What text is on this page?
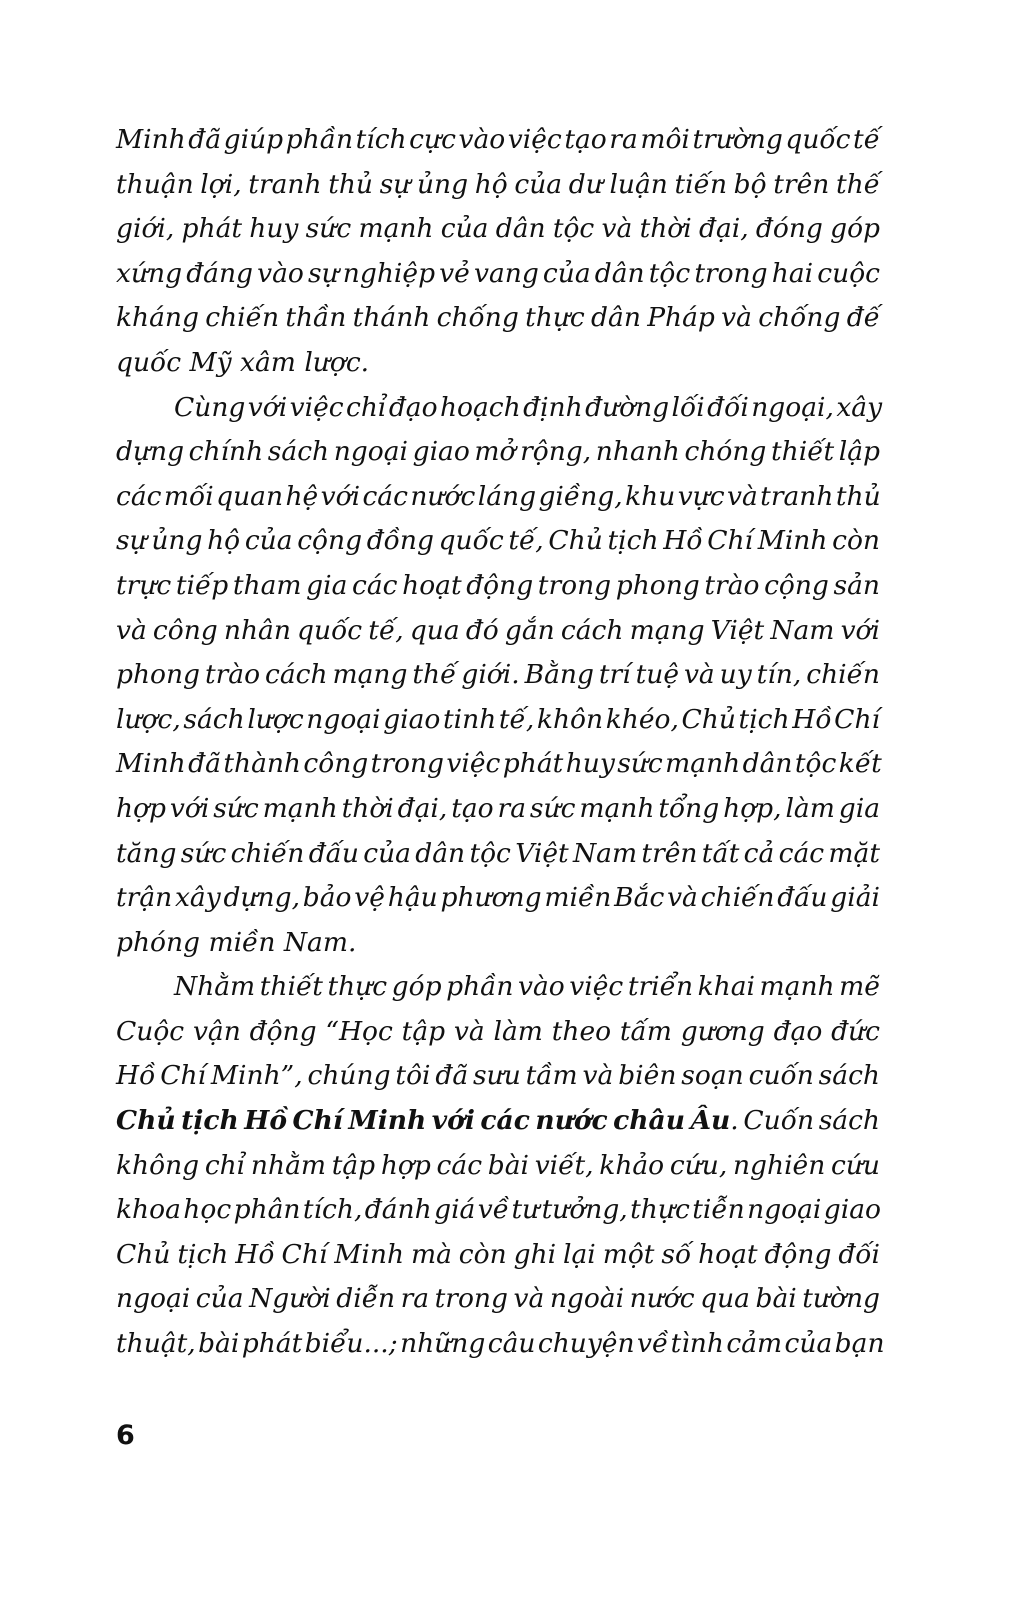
Minh đã giúp phần tích cực vào việc tạo ra môi trường quốc tế
thuận lợi, tranh thủ sự ủng hộ của dư luận tiến bộ trên thế
giới, phát huy sức mạnh của dân tộc và thời đại, đóng góp
xứng đáng vào sự nghiệp vẻ vang của dân tộc trong hai cuộc
kháng chiến thần thánh chống thực dân Pháp và chống đế
quốc Mỹ xâm lược.

Cùng với việc chỉ đạo hoạch định đường lối đối ngoại, xây
dựng chính sách ngoại giao mở rộng, nhanh chóng thiết lập
các mối quan hệ với các nước láng giềng, khu vực và tranh thủ
sự ủng hộ của cộng đồng quốc tế, Chủ tịch Hồ Chí Minh còn
trực tiếp tham gia các hoạt động trong phong trào cộng sản
và công nhân quốc tế, qua đó gắn cách mạng Việt Nam với
phong trào cách mạng thế giới. Bằng trí tuệ và uy tín, chiến
lược, sách lược ngoại giao tinh tế, khôn khéo, Chủ tịch Hồ Chí
Minh đã thành công trong việc phát huy sức mạnh dân tộc kết
hợp với sức mạnh thời đại, tạo ra sức mạnh tổng hợp, làm gia
tăng sức chiến đấu của dân tộc Việt Nam trên tất cả các mặt
trận xây dựng, bảo vệ hậu phương miền Bắc và chiến đấu giải
phóng miền Nam.

Nhằm thiết thực góp phần vào việc triển khai mạnh mẽ
Cuộc vận động “Học tập và làm theo tấm gương đạo đức
Hồ Chí Minh”, chúng tôi đã sưu tầm và biên soạn cuốn sách
Chủ tịch Hồ Chí Minh với các nước châu Âu. Cuốn sách
không chỉ nhằm tập hợp các bài viết, khảo cứu, nghiên cứu
khoa học phân tích, đánh giá về tư tưởng, thực tiễn ngoại giao
Chủ tịch Hồ Chí Minh mà còn ghi lại một số hoạt động đối
ngoại của Người diễn ra trong và ngoài nước qua bài tường
thuật, bài phát biểu...; những câu chuyện về tình cảm của bạn

6
